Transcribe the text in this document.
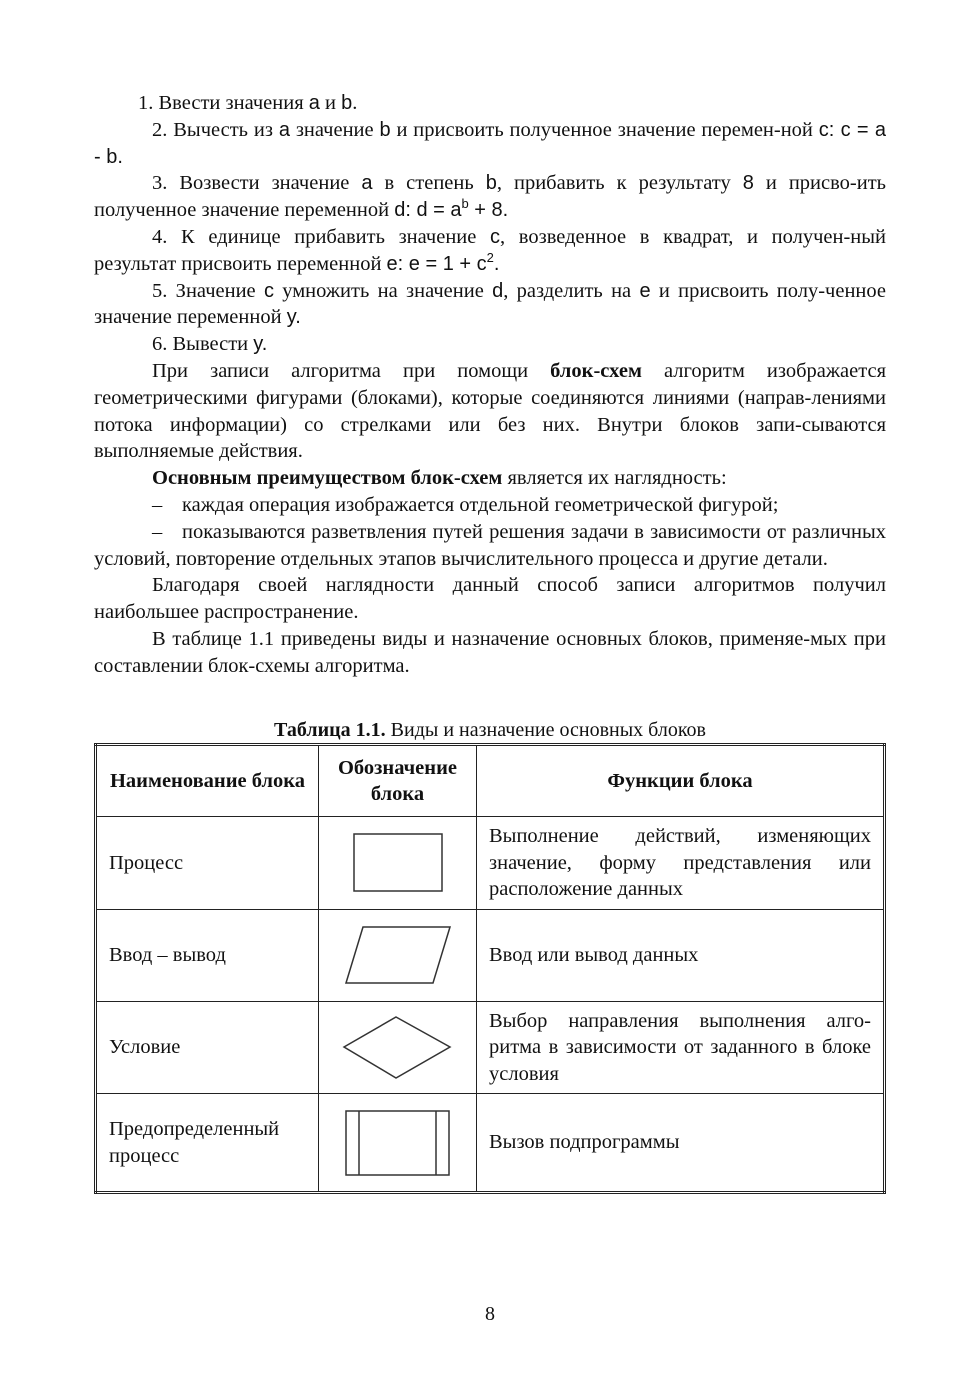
1. Ввести значения a и b.

2. Вычесть из a значение b и присвоить полученное значение перемен-ной c: c = a - b.

3. Возвести значение a в степень b, прибавить к результату 8 и присво-ить полученное значение переменной d: $d = a^b + 8$.

4. К единице прибавить значение c, возведенное в квадрат, и получен-ный результат присвоить переменной e: $e = 1 + c^2$.

5. Значение c умножить на значение d, разделить на e и присвоить полу-ченное значение переменной y.

6. Вывести y.

При записи алгоритма при помощи блок-схем алгоритм изображается геометрическими фигурами (блоками), которые соединяются линиями (направ-лениями потока информации) со стрелками или без них. Внутри блоков запи-сываются выполняемые действия.

Основным преимуществом блок-схем является их наглядность:

– каждая операция изображается отдельной геометрической фигурой;

– показываются разветвления путей решения задачи в зависимости от различных условий, повторение отдельных этапов вычислительного процесса и другие детали.

Благодаря своей наглядности данный способ записи алгоритмов получил наибольшее распространение.

В таблице 1.1 приведены виды и назначение основных блоков, применяе-мых при составлении блок-схемы алгоритма.

Таблица 1.1. Виды и назначение основных блоков
Наименование блока	Обозначение блока	Функции блока
Процесс		Выполнение действий, изменяющих значение, форму представления или расположение данных
Ввод – вывод		Ввод или вывод данных
Условие		Выбор направления выполнения алго-ритма в зависимости от заданного в блоке условия
Предопределенный процесс		Вызов подпрограммы
8
